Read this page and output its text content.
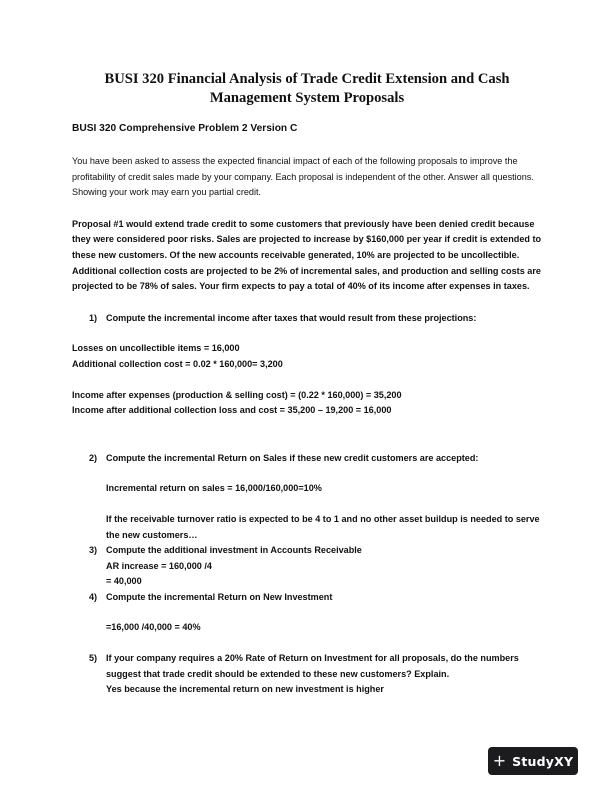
BUSI 320 Financial Analysis of Trade Credit Extension and Cash
Management System Proposals
BUSI 320 Comprehensive Problem 2 Version C

You have been asked to assess the expected financial impact of each of the following proposals to improve the profitability of credit sales made by your company. Each proposal is independent of the other. Answer all questions. Showing your work may earn you partial credit.

Proposal #1 would extend trade credit to some customers that previously have been denied credit because they were considered poor risks. Sales are projected to increase by $160,000 per year if credit is extended to these new customers. Of the new accounts receivable generated, 10% are projected to be uncollectible. Additional collection costs are projected to be 2% of incremental sales, and production and selling costs are projected to be 78% of sales. Your firm expects to pay a total of 40% of its income after expenses in taxes.

1) Compute the incremental income after taxes that would result from these projections:
Losses on uncollectible items = 16,000
Additional collection cost = 0.02 * 160,000= 3,200
Income after expenses (production & selling cost) = (0.22 * 160,000) = 35,200
Income after additional collection loss and cost = 35,200 – 19,200 = 16,000
2) Compute the incremental Return on Sales if these new credit customers are accepted:
Incremental return on sales = 16,000/160,000=10%
If the receivable turnover ratio is expected to be 4 to 1 and no other asset buildup is needed to serve the new customers…
3) Compute the additional investment in Accounts Receivable
AR increase = 160,000 /4
= 40,000
4) Compute the incremental Return on New Investment
=16,000 /40,000 = 40%
5) If your company requires a 20% Rate of Return on Investment for all proposals, do the numbers suggest that trade credit should be extended to these new customers? Explain.
Yes because the incremental return on new investment is higher
+ StudyXY
